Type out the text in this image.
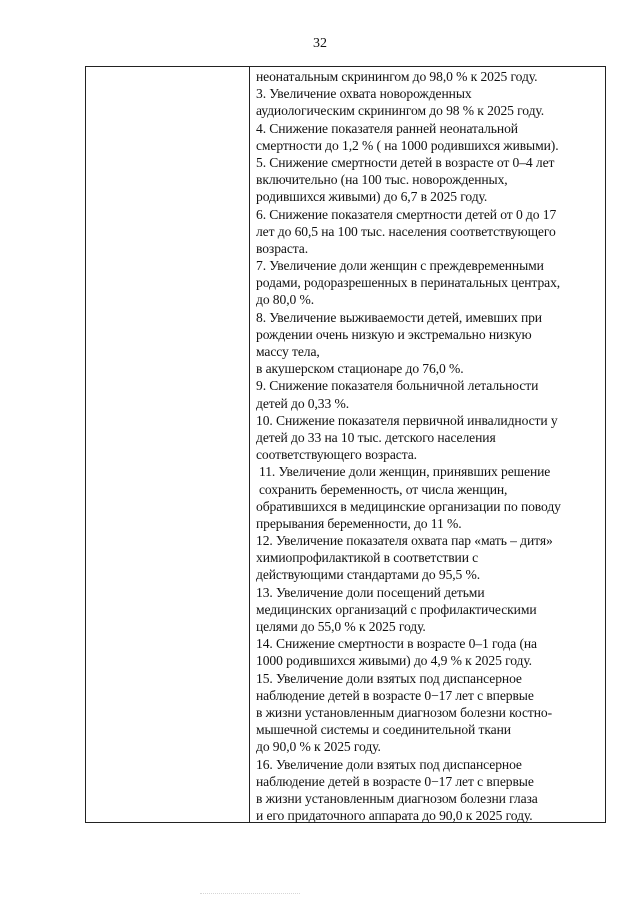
32
неонатальным скринингом до 98,0 % к 2025 году.
3. Увеличение охвата новорожденных
аудиологическим скринингом до 98 % к 2025 году.
4. Снижение показателя ранней неонатальной
смертности до 1,2 % ( на 1000 родившихся живыми).
5. Снижение смертности детей в возрасте от 0–4 лет
включительно (на 100 тыс. новорожденных,
родившихся живыми) до 6,7 в 2025 году.
6. Снижение показателя смертности детей от 0 до 17
лет до 60,5 на 100 тыс. населения соответствующего
возраста.
7. Увеличение доли женщин с преждевременными
родами, родоразрешенных в перинатальных центрах,
до 80,0 %.
8. Увеличение выживаемости детей, имевших при
рождении очень низкую и экстремально низкую
массу тела,
в акушерском стационаре до 76,0 %.
9. Снижение показателя больничной летальности
детей до 0,33 %.
10. Снижение показателя первичной инвалидности у
детей до 33 на 10 тыс. детского населения
соответствующего возраста.
11. Увеличение доли женщин, принявших решение
сохранить беременность, от числа женщин,
обратившихся в медицинские организации по поводу
прерывания беременности, до 11 %.
12. Увеличение показателя охвата пар «мать – дитя»
химиопрофилактикой в соответствии с
действующими стандартами до 95,5 %.
13. Увеличение доли посещений детьми
медицинских организаций с профилактическими
целями до 55,0 % к 2025 году.
14. Снижение смертности в возрасте 0–1 года (на
1000 родившихся живыми) до 4,9 % к 2025 году.
15. Увеличение доли взятых под диспансерное
наблюдение детей в возрасте 0−17 лет с впервые
в жизни установленным диагнозом болезни костно-
мышечной системы и соединительной ткани
до 90,0 % к 2025 году.
16. Увеличение доли взятых под диспансерное
наблюдение детей в возрасте 0−17 лет с впервые
в жизни установленным диагнозом болезни глаза
и его придаточного аппарата до 90,0 к 2025 году.
